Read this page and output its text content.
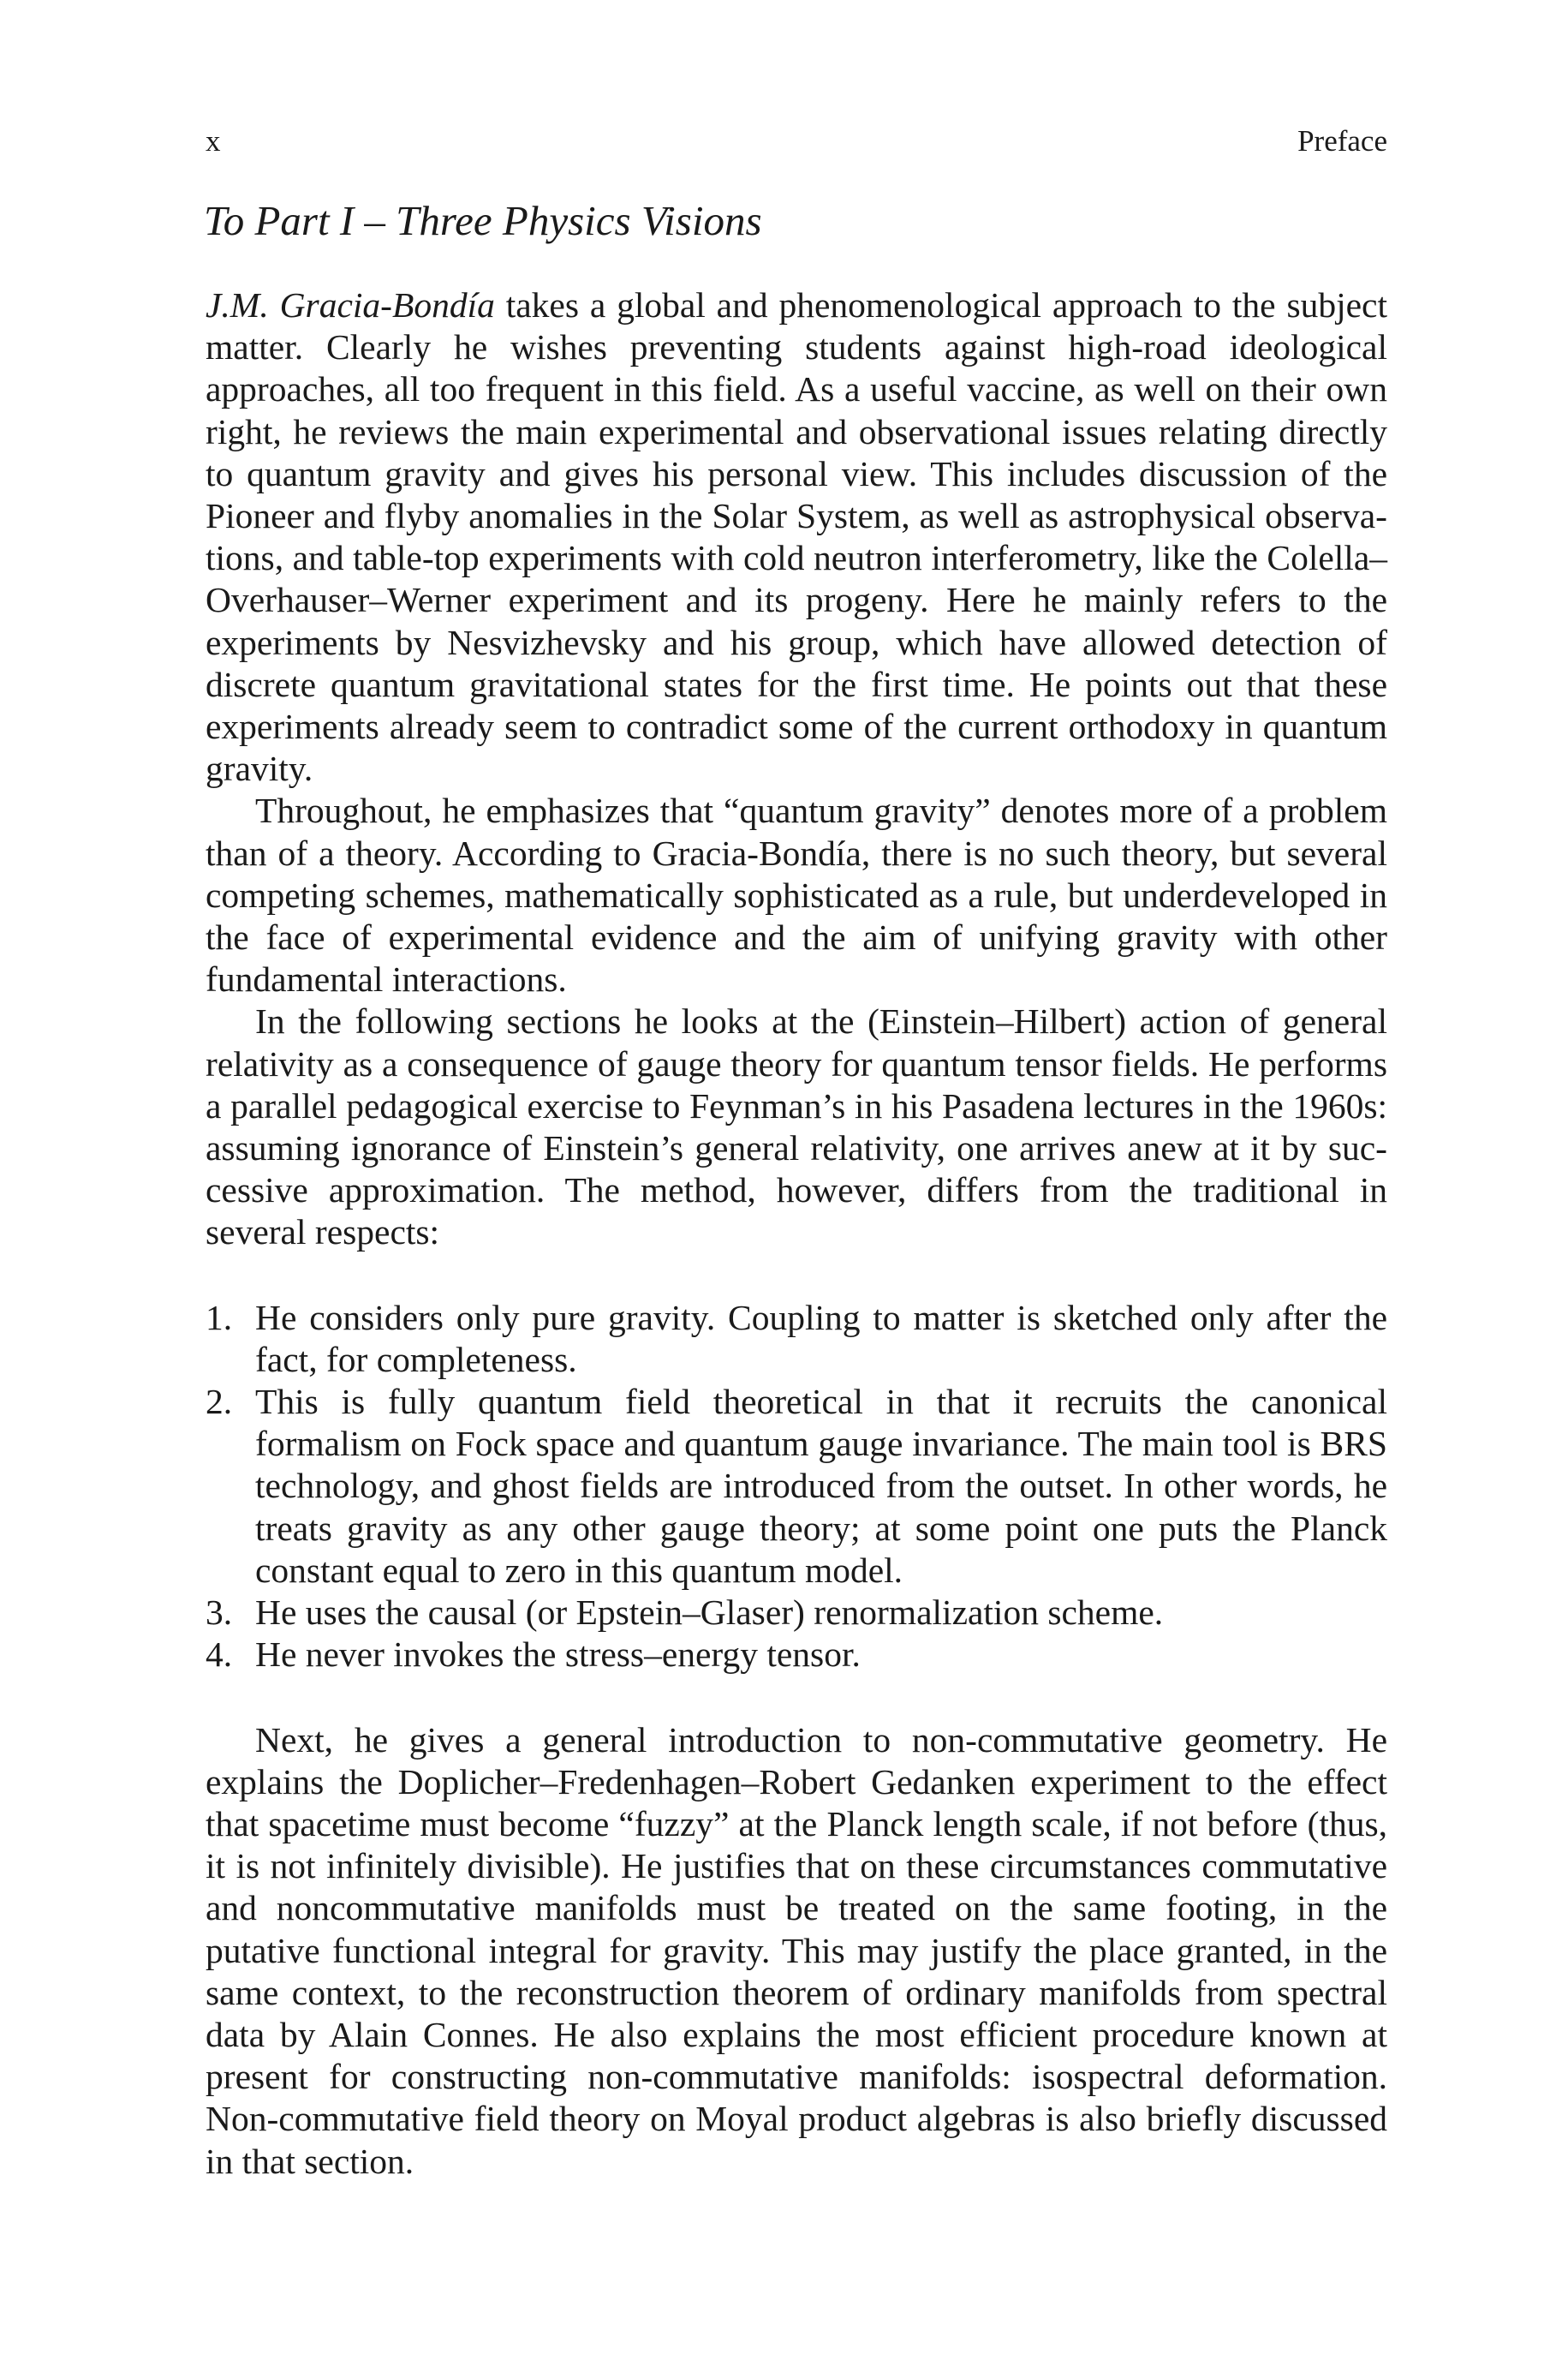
x	Preface
To Part I – Three Physics Visions

J.M. Gracia-Bondía takes a global and phenomenological approach to the subject matter. Clearly he wishes preventing students against high-road ideological approaches, all too frequent in this field. As a useful vaccine, as well on their own right, he reviews the main experimental and observational issues relating directly to quantum gravity and gives his personal view. This includes discussion of the Pioneer and flyby anomalies in the Solar System, as well as astrophysical observations, and table-top experiments with cold neutron interferometry, like the Colella–Overhauser–Werner experiment and its progeny. Here he mainly refers to the experiments by Nesvizhevsky and his group, which have allowed detection of discrete quantum gravitational states for the first time. He points out that these experiments already seem to contradict some of the current orthodoxy in quantum gravity.

Throughout, he emphasizes that “quantum gravity” denotes more of a problem than of a theory. According to Gracia-Bondía, there is no such theory, but several competing schemes, mathematically sophisticated as a rule, but underdeveloped in the face of experimental evidence and the aim of unifying gravity with other fundamental interactions.

In the following sections he looks at the (Einstein–Hilbert) action of general relativity as a consequence of gauge theory for quantum tensor fields. He performs a parallel pedagogical exercise to Feynman’s in his Pasadena lectures in the 1960s: assuming ignorance of Einstein’s general relativity, one arrives anew at it by successive approximation. The method, however, differs from the traditional in several respects:

1. He considers only pure gravity. Coupling to matter is sketched only after the fact, for completeness.
2. This is fully quantum field theoretical in that it recruits the canonical formalism on Fock space and quantum gauge invariance. The main tool is BRS technology, and ghost fields are introduced from the outset. In other words, he treats gravity as any other gauge theory; at some point one puts the Planck constant equal to zero in this quantum model.
3. He uses the causal (or Epstein–Glaser) renormalization scheme.
4. He never invokes the stress–energy tensor.

Next, he gives a general introduction to non-commutative geometry. He explains the Doplicher–Fredenhagen–Robert Gedanken experiment to the effect that spacetime must become “fuzzy” at the Planck length scale, if not before (thus, it is not infinitely divisible). He justifies that on these circumstances commutative and noncommutative manifolds must be treated on the same footing, in the putative functional integral for gravity. This may justify the place granted, in the same context, to the reconstruction theorem of ordinary manifolds from spectral data by Alain Connes. He also explains the most efficient procedure known at present for constructing non-commutative manifolds: isospectral deformation. Non-commutative field theory on Moyal product algebras is also briefly discussed in that section.
